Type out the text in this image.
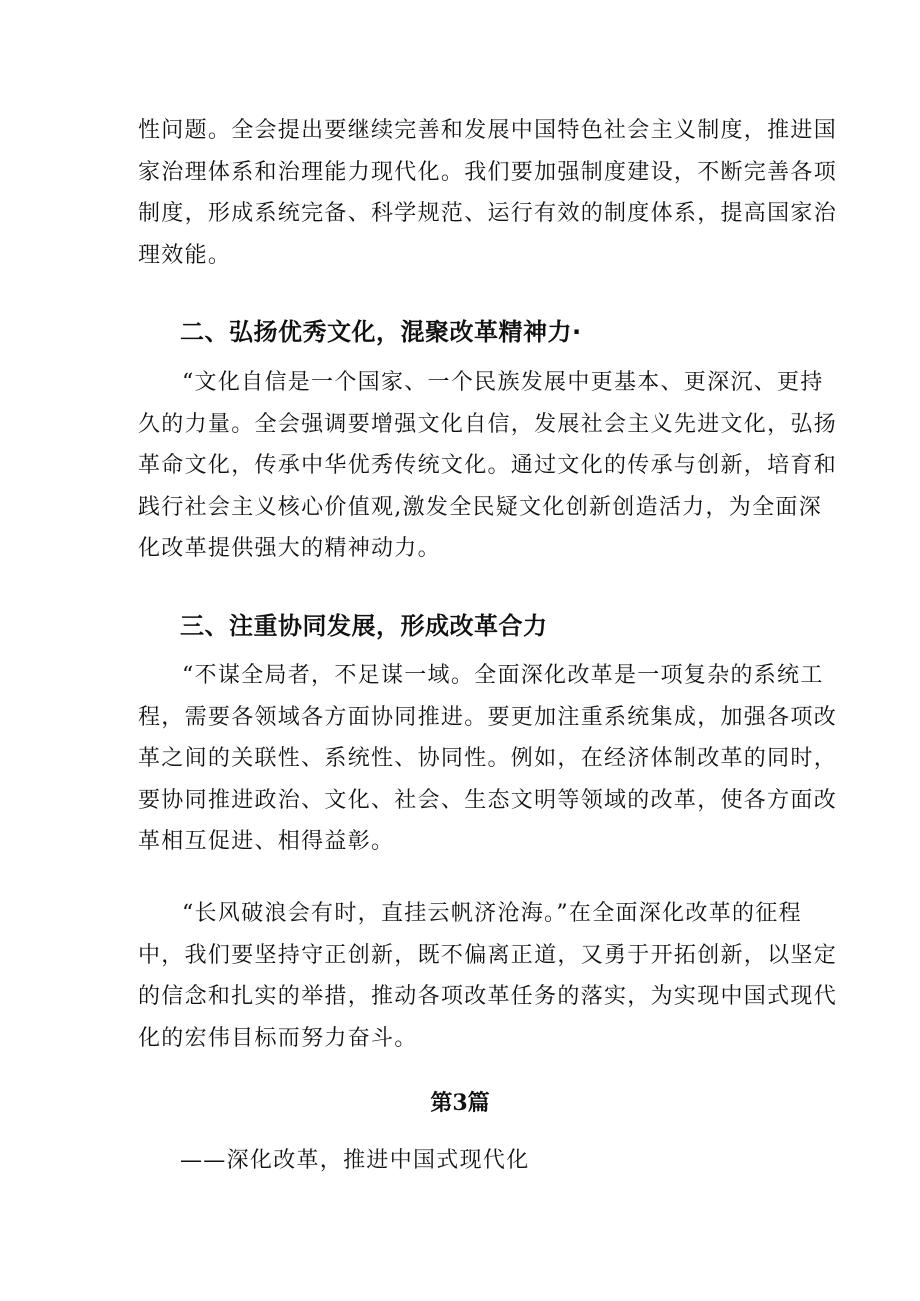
性问题。全会提出要继续完善和发展中国特色社会主义制度，推进国
家治理体系和治理能力现代化。我们要加强制度建设，不断完善各项
制度，形成系统完备、科学规范、运行有效的制度体系，提高国家治
理效能。
二、弘扬优秀文化，混聚改革精神力·
“文化自信是一个国家、一个民族发展中更基本、更深沉、更持
久的力量。全会强调要增强文化自信，发展社会主义先进文化，弘扬
革命文化，传承中华优秀传统文化。通过文化的传承与创新，培育和
践行社会主义核心价值观,激发全民疑文化创新创造活力，为全面深
化改革提供强大的精神动力。
三、注重协同发展，形成改革合力
“不谋全局者，不足谋一域。全面深化改革是一项复杂的系统工
程，需要各领域各方面协同推进。要更加注重系统集成，加强各项改
革之间的关联性、系统性、协同性。例如，在经济体制改革的同时，
要协同推进政治、文化、社会、生态文明等领域的改革，使各方面改
革相互促进、相得益彰。
“长风破浪会有时，直挂云帆济沧海。”在全面深化改革的征程
中，我们要坚持守正创新，既不偏离正道，又勇于开拓创新，以坚定
的信念和扎实的举措，推动各项改革任务的落实，为实现中国式现代
化的宏伟目标而努力奋斗。
第3篇

——深化改革，推进中国式现代化
